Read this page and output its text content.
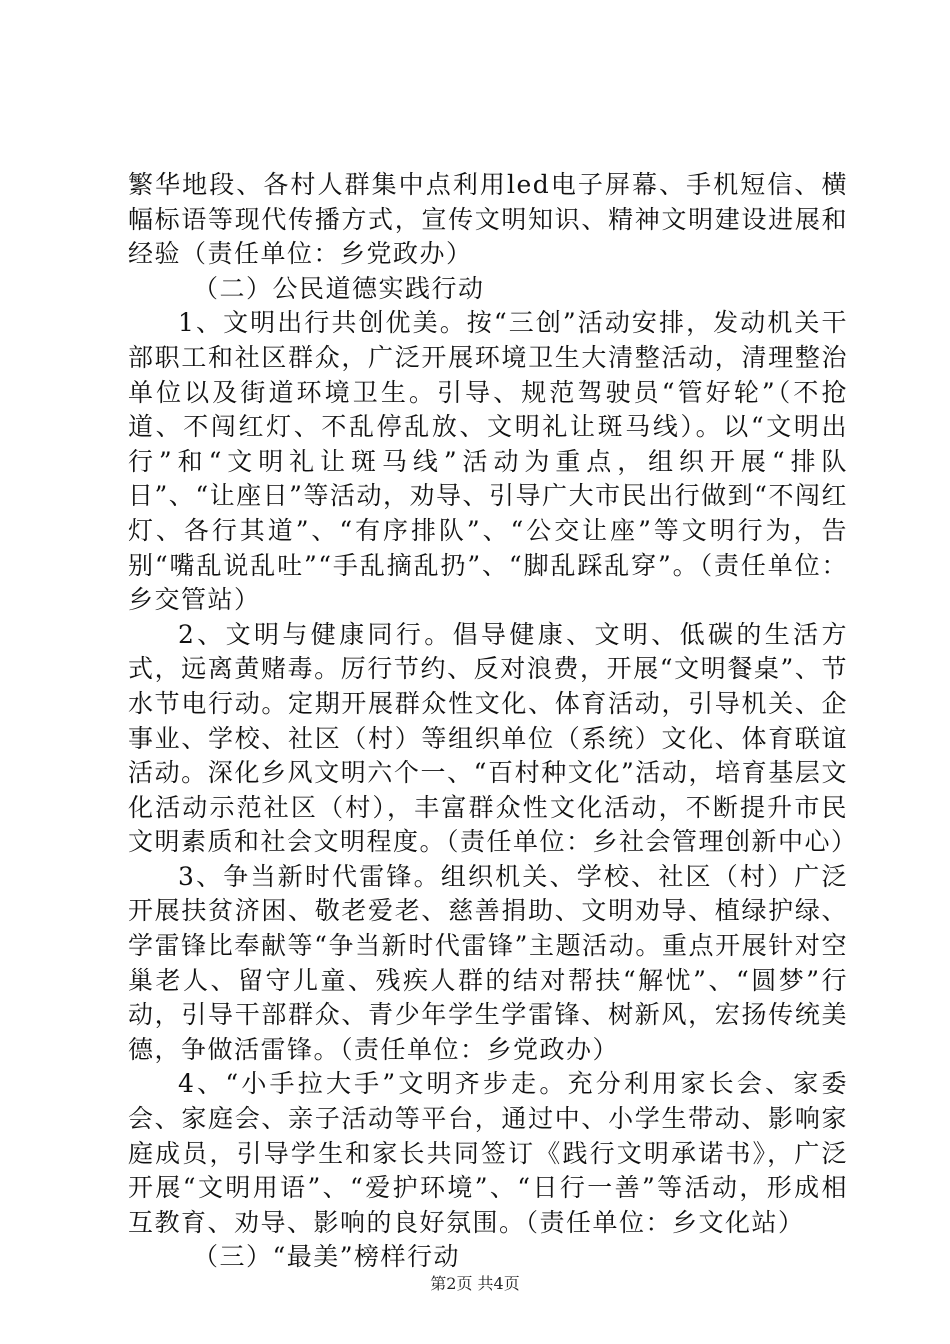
繁华地段、各村人群集中点利用led电子屏幕、手机短信、横幅标语等现代传播方式，宣传文明知识、精神文明建设进展和经验（责任单位：乡党政办）

（二）公民道德实践行动

1、文明出行共创优美。按“三创”活动安排，发动机关干部职工和社区群众，广泛开展环境卫生大清整活动，清理整治单位以及街道环境卫生。引导、规范驾驶员“管好轮”（不抢道、不闯红灯、不乱停乱放、文明礼让斑马线）。以“文明出行”和“文明礼让斑马线”活动为重点，组织开展“排队日”、“让座日”等活动，劝导、引导广大市民出行做到“不闯红灯、各行其道”、“有序排队”、“公交让座”等文明行为，告别“嘴乱说乱吐”“手乱摘乱扔”、“脚乱踩乱穿”。（责任单位：乡交管站）

2、文明与健康同行。倡导健康、文明、低碳的生活方式，远离黄赌毒。厉行节约、反对浪费，开展“文明餐桌”、节水节电行动。定期开展群众性文化、体育活动，引导机关、企事业、学校、社区（村）等组织单位（系统）文化、体育联谊活动。深化乡风文明六个一、“百村种文化”活动，培育基层文化活动示范社区（村），丰富群众性文化活动，不断提升市民文明素质和社会文明程度。（责任单位：乡社会管理创新中心）

3、争当新时代雷锋。组织机关、学校、社区（村）广泛开展扶贫济困、敬老爱老、慈善捐助、文明劝导、植绿护绿、学雷锋比奉献等“争当新时代雷锋”主题活动。重点开展针对空巢老人、留守儿童、残疾人群的结对帮扶“解忧”、“圆梦”行动，引导干部群众、青少年学生学雷锋、树新风，宏扬传统美德，争做活雷锋。（责任单位：乡党政办）

4、“小手拉大手”文明齐步走。充分利用家长会、家委会、家庭会、亲子活动等平台，通过中、小学生带动、影响家庭成员，引导学生和家长共同签订《践行文明承诺书》，广泛开展“文明用语”、“爱护环境”、“日行一善”等活动，形成相互教育、劝导、影响的良好氛围。（责任单位：乡文化站）

（三）“最美”榜样行动

第2页 共4页
